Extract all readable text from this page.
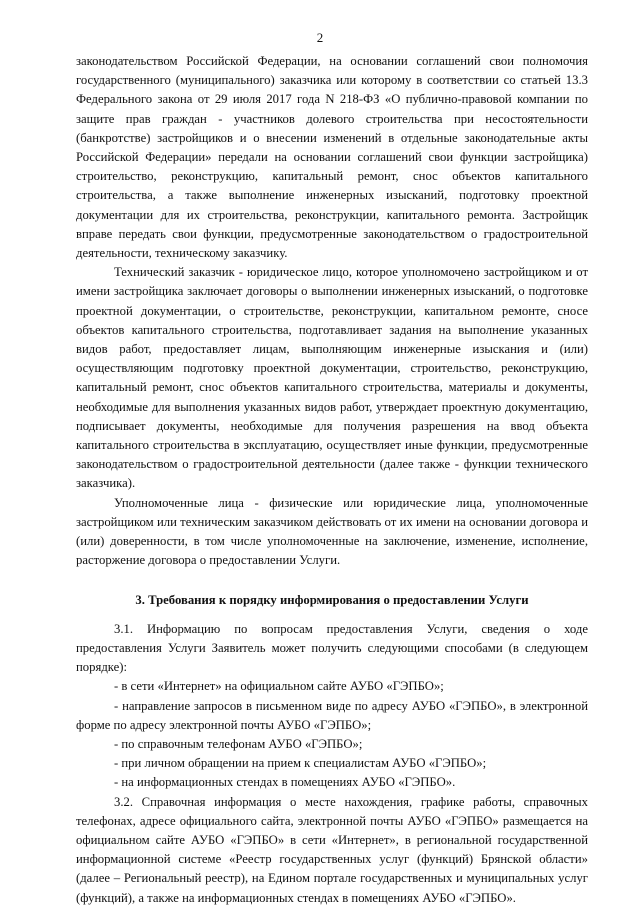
2

законодательством Российской Федерации, на основании соглашений свои полномочия государственного (муниципального) заказчика или которому в соответствии со статьей 13.3 Федерального закона от 29 июля 2017 года N 218-ФЗ «О публично-правовой компании по защите прав граждан - участников долевого строительства при несостоятельности (банкротстве) застройщиков и о внесении изменений в отдельные законодательные акты Российской Федерации» передали на основании соглашений свои функции застройщика) строительство, реконструкцию, капитальный ремонт, снос объектов капитального строительства, а также выполнение инженерных изысканий, подготовку проектной документации для их строительства, реконструкции, капитального ремонта. Застройщик вправе передать свои функции, предусмотренные законодательством о градостроительной деятельности, техническому заказчику.

Технический заказчик - юридическое лицо, которое уполномочено застройщиком и от имени застройщика заключает договоры о выполнении инженерных изысканий, о подготовке проектной документации, о строительстве, реконструкции, капитальном ремонте, сносе объектов капитального строительства, подготавливает задания на выполнение указанных видов работ, предоставляет лицам, выполняющим инженерные изыскания и (или) осуществляющим подготовку проектной документации, строительство, реконструкцию, капитальный ремонт, снос объектов капитального строительства, материалы и документы, необходимые для выполнения указанных видов работ, утверждает проектную документацию, подписывает документы, необходимые для получения разрешения на ввод объекта капитального строительства в эксплуатацию, осуществляет иные функции, предусмотренные законодательством о градостроительной деятельности (далее также - функции технического заказчика).

Уполномоченные лица - физические или юридические лица, уполномоченные застройщиком или техническим заказчиком действовать от их имени на основании договора и (или) доверенности, в том числе уполномоченные на заключение, изменение, исполнение, расторжение договора о предоставлении Услуги.

3. Требования к порядку информирования о предоставлении Услуги

3.1. Информацию по вопросам предоставления Услуги, сведения о ходе предоставления Услуги Заявитель может получить следующими способами (в следующем порядке):

- в сети «Интернет» на официальном сайте АУБО «ГЭПБО»;

- направление запросов в письменном виде по адресу АУБО «ГЭПБО», в электронной форме по адресу электронной почты АУБО «ГЭПБО»;

- по справочным телефонам АУБО «ГЭПБО»;

- при личном обращении на прием к специалистам АУБО «ГЭПБО»;

- на информационных стендах в помещениях АУБО «ГЭПБО».

3.2. Справочная информация о месте нахождения, графике работы, справочных телефонах, адресе официального сайта, электронной почты АУБО «ГЭПБО» размещается на официальном сайте АУБО «ГЭПБО» в сети «Интернет», в региональной государственной информационной системе «Реестр государственных услуг (функций) Брянской области» (далее – Региональный реестр), на Едином портале государственных и муниципальных услуг (функций), а также на информационных стендах в помещениях АУБО «ГЭПБО».
